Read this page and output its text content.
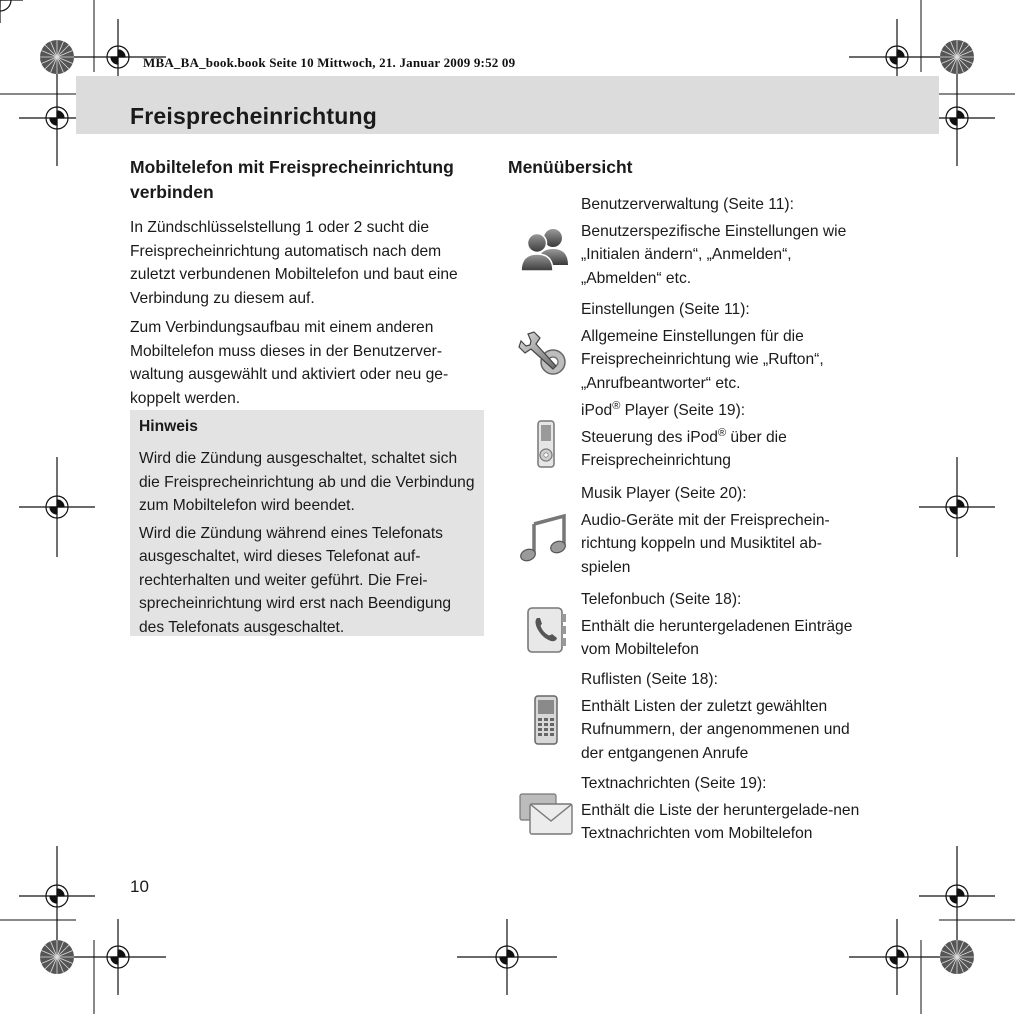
MBA_BA_book.book Seite 10 Mittwoch, 21. Januar 2009 9:52 09
Freisprecheinrichtung
Mobiltelefon mit Freisprecheinrichtung verbinden

In Zündschlüsselstellung 1 oder 2 sucht die Freisprecheinrichtung automatisch nach dem zuletzt verbundenen Mobiltelefon und baut eine Verbindung zu diesem auf.

Zum Verbindungsaufbau mit einem anderen Mobiltelefon muss dieses in der Benutzerver-waltung ausgewählt und aktiviert oder neu ge-koppelt werden.

Hinweis

Wird die Zündung ausgeschaltet, schaltet sich die Freisprecheinrichtung ab und die Verbindung zum Mobiltelefon wird beendet.

Wird die Zündung während eines Telefonats ausgeschaltet, wird dieses Telefonat auf-rechterhalten und weiter geführt. Die Frei-sprecheinrichtung wird erst nach Beendigung des Telefonats ausgeschaltet.

Menüübersicht

Benutzerverwaltung (Seite 11):

Benutzerspezifische Einstellungen wie „Initialen ändern“, „Anmelden“, „Abmelden“ etc.

Einstellungen (Seite 11):

Allgemeine Einstellungen für die Freisprecheinrichtung wie „Rufton“, „Anrufbeantworter“ etc.

iPod® Player (Seite 19):

Steuerung des iPod® über die Freisprecheinrichtung

Musik Player (Seite 20):

Audio-Geräte mit der Freisprechein-richtung koppeln und Musiktitel ab-spielen

Telefonbuch (Seite 18):

Enthält die heruntergeladenen Einträge vom Mobiltelefon

Ruflisten (Seite 18):

Enthält Listen der zuletzt gewählten Rufnummern, der angenommenen und der entgangenen Anrufe

Textnachrichten (Seite 19):

Enthält die Liste der heruntergelade-nen Textnachrichten vom Mobiltelefon

10
